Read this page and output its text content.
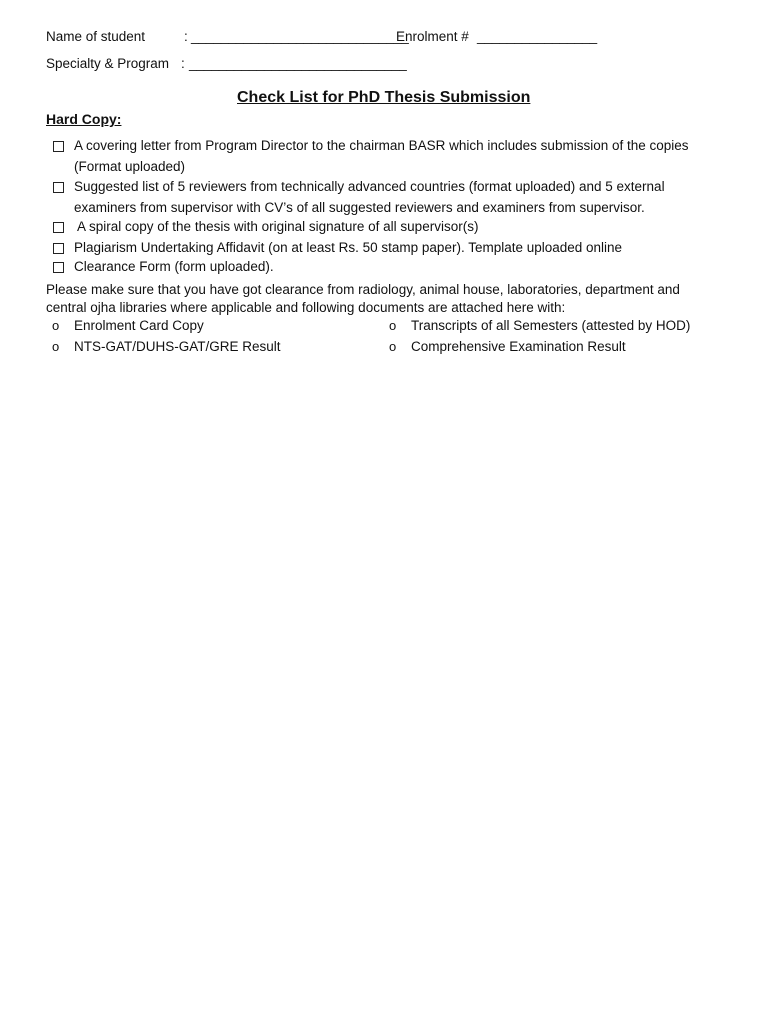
Name of student	: _____________________________
Enrolment # ________________
Specialty & Program : _____________________________
Check List for PhD Thesis Submission
Hard Copy:
A covering letter from Program Director to the chairman BASR which includes submission of the copies
(Format uploaded)
Suggested list of 5 reviewers from technically advanced countries (format uploaded) and 5 external
examiners from supervisor with CV’s of all suggested reviewers and examiners from supervisor.
A spiral copy of the thesis with original signature of all supervisor(s)
Plagiarism Undertaking Affidavit (on at least Rs. 50 stamp paper). Template uploaded online
Clearance Form (form uploaded).
Please make sure that you have got clearance from radiology, animal house, laboratories, department and
central ojha libraries where applicable and following documents are attached here with:
o Enrolment Card Copy	o Transcripts of all Semesters (attested by HOD)
o NTS-GAT/DUHS-GAT/GRE Result	o Comprehensive Examination Result
